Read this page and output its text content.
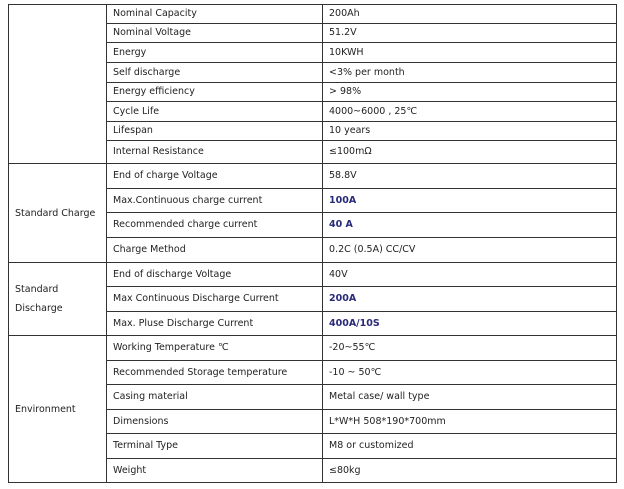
	Nominal Capacity	200Ah
	Nominal Voltage	51.2V
	Energy	10KWH
	Self discharge	<3% per month
	Energy efficiency	> 98%
	Cycle Life	4000~6000 , 25℃
	Lifespan	10 years
	Internal Resistance	≤100mΩ
Standard Charge	End of charge Voltage	58.8V
	Max.Continuous charge current	100A
	Recommended charge current	40 A
	Charge Method	0.2C (0.5A) CC/CV
Standard Discharge	End of discharge Voltage	40V
	Max Continuous Discharge Current	200A
	Max. Pluse Discharge Current	400A/10S
Environment	Working Temperature ℃	-20~55℃
	Recommended Storage temperature	-10 ~ 50℃
	Casing material	Metal case/ wall type
	Dimensions	L*W*H 508*190*700mm
	Terminal Type	M8 or customized
	Weight	≤80kg
